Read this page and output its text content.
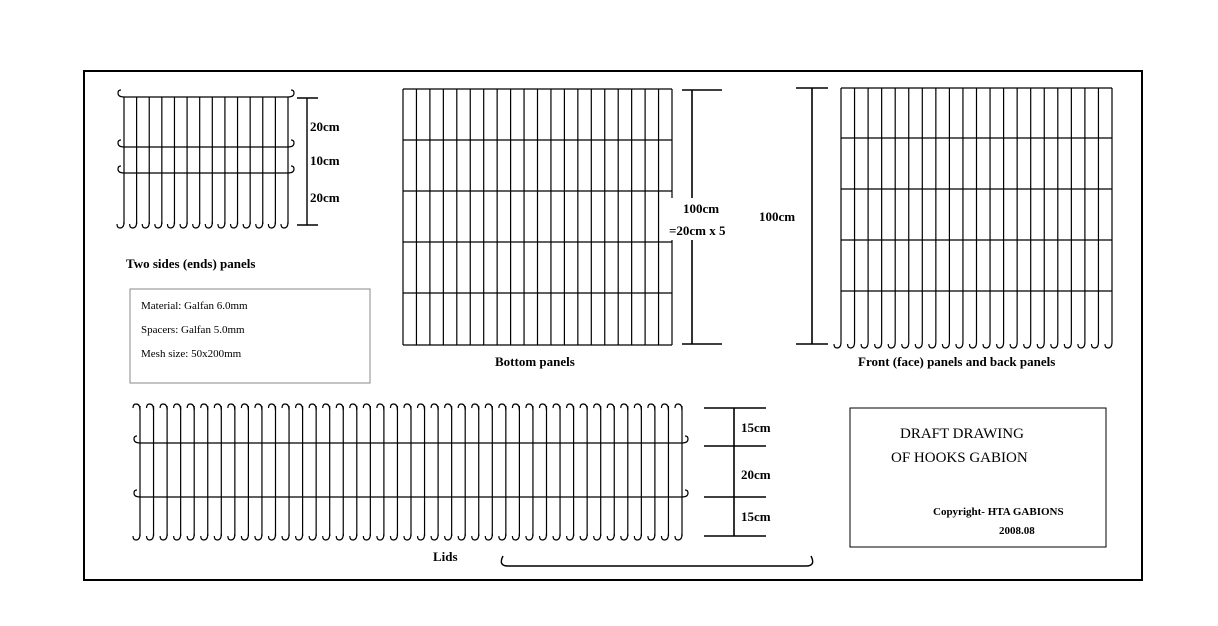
20cm
10cm
20cm
Two sides (ends) panels
Material: Galfan 6.0mm
Spacers: Galfan 5.0mm
Mesh size: 50x200mm
100cm
=20cm x 5
Bottom panels
100cm
Front (face) panels and back panels
15cm
20cm
15cm
Lids
DRAFT DRAWING
OF HOOKS GABION
Copyright- HTA GABIONS
2008.08
